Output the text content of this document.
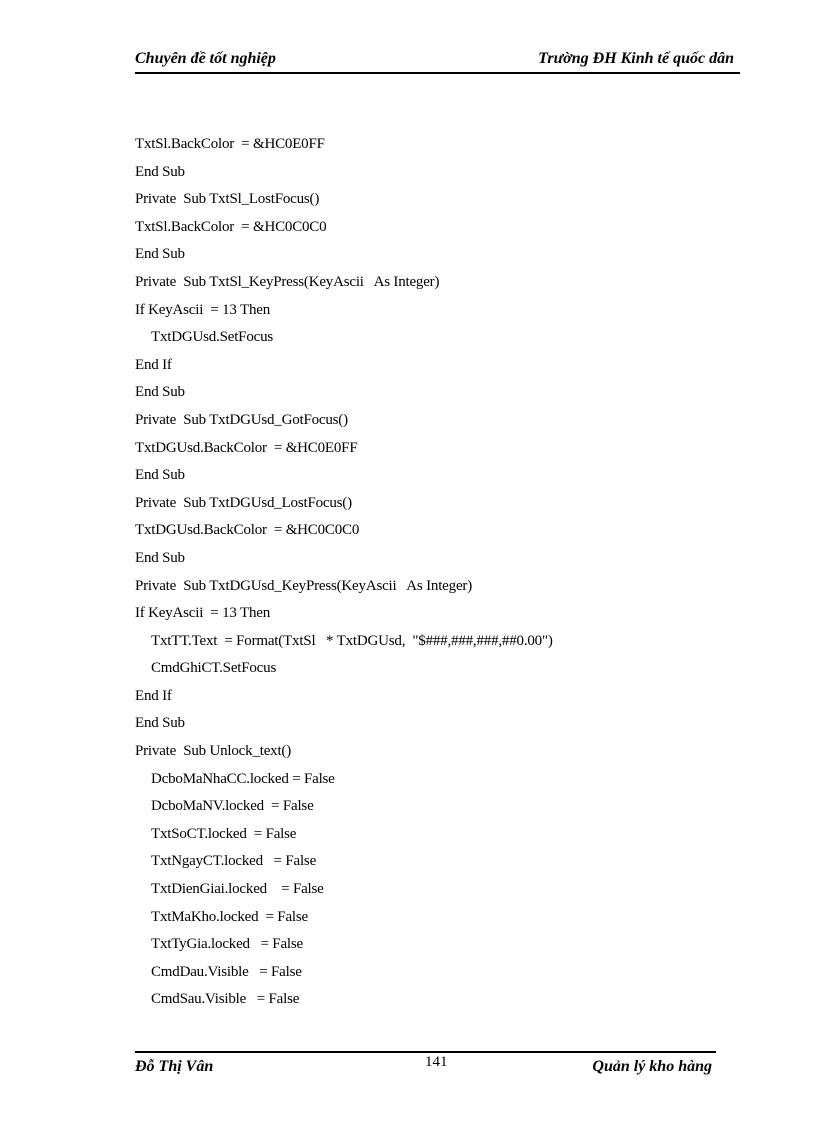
Chuyên đề tốt nghiệp	Trường ĐH Kinh tế quốc dân
TxtSl.BackColor  = &HC0E0FF
End Sub
Private  Sub TxtSl_LostFocus()
TxtSl.BackColor  = &HC0C0C0
End Sub
Private  Sub TxtSl_KeyPress(KeyAscii   As Integer)
If KeyAscii  = 13 Then
TxtDGUsd.SetFocus
End If
End Sub
Private  Sub TxtDGUsd_GotFocus()
TxtDGUsd.BackColor  = &HC0E0FF
End Sub
Private  Sub TxtDGUsd_LostFocus()
TxtDGUsd.BackColor  = &HC0C0C0
End Sub
Private  Sub TxtDGUsd_KeyPress(KeyAscii   As Integer)
If KeyAscii  = 13 Then
TxtTT.Text  = Format(TxtSl   * TxtDGUsd,  "$###,###,###,##0.00")
CmdGhiCT.SetFocus
End If
End Sub
Private  Sub Unlock_text()
DcboMaNhaCC.locked = False
DcboMaNV.locked  = False
TxtSoCT.locked  = False
TxtNgayCT.locked   = False
TxtDienGiai.locked    = False
TxtMaKho.locked  = False
TxtTyGia.locked   = False
CmdDau.Visible   = False
CmdSau.Visible   = False
Đỗ Thị Vân	141	Quản lý kho hàng
